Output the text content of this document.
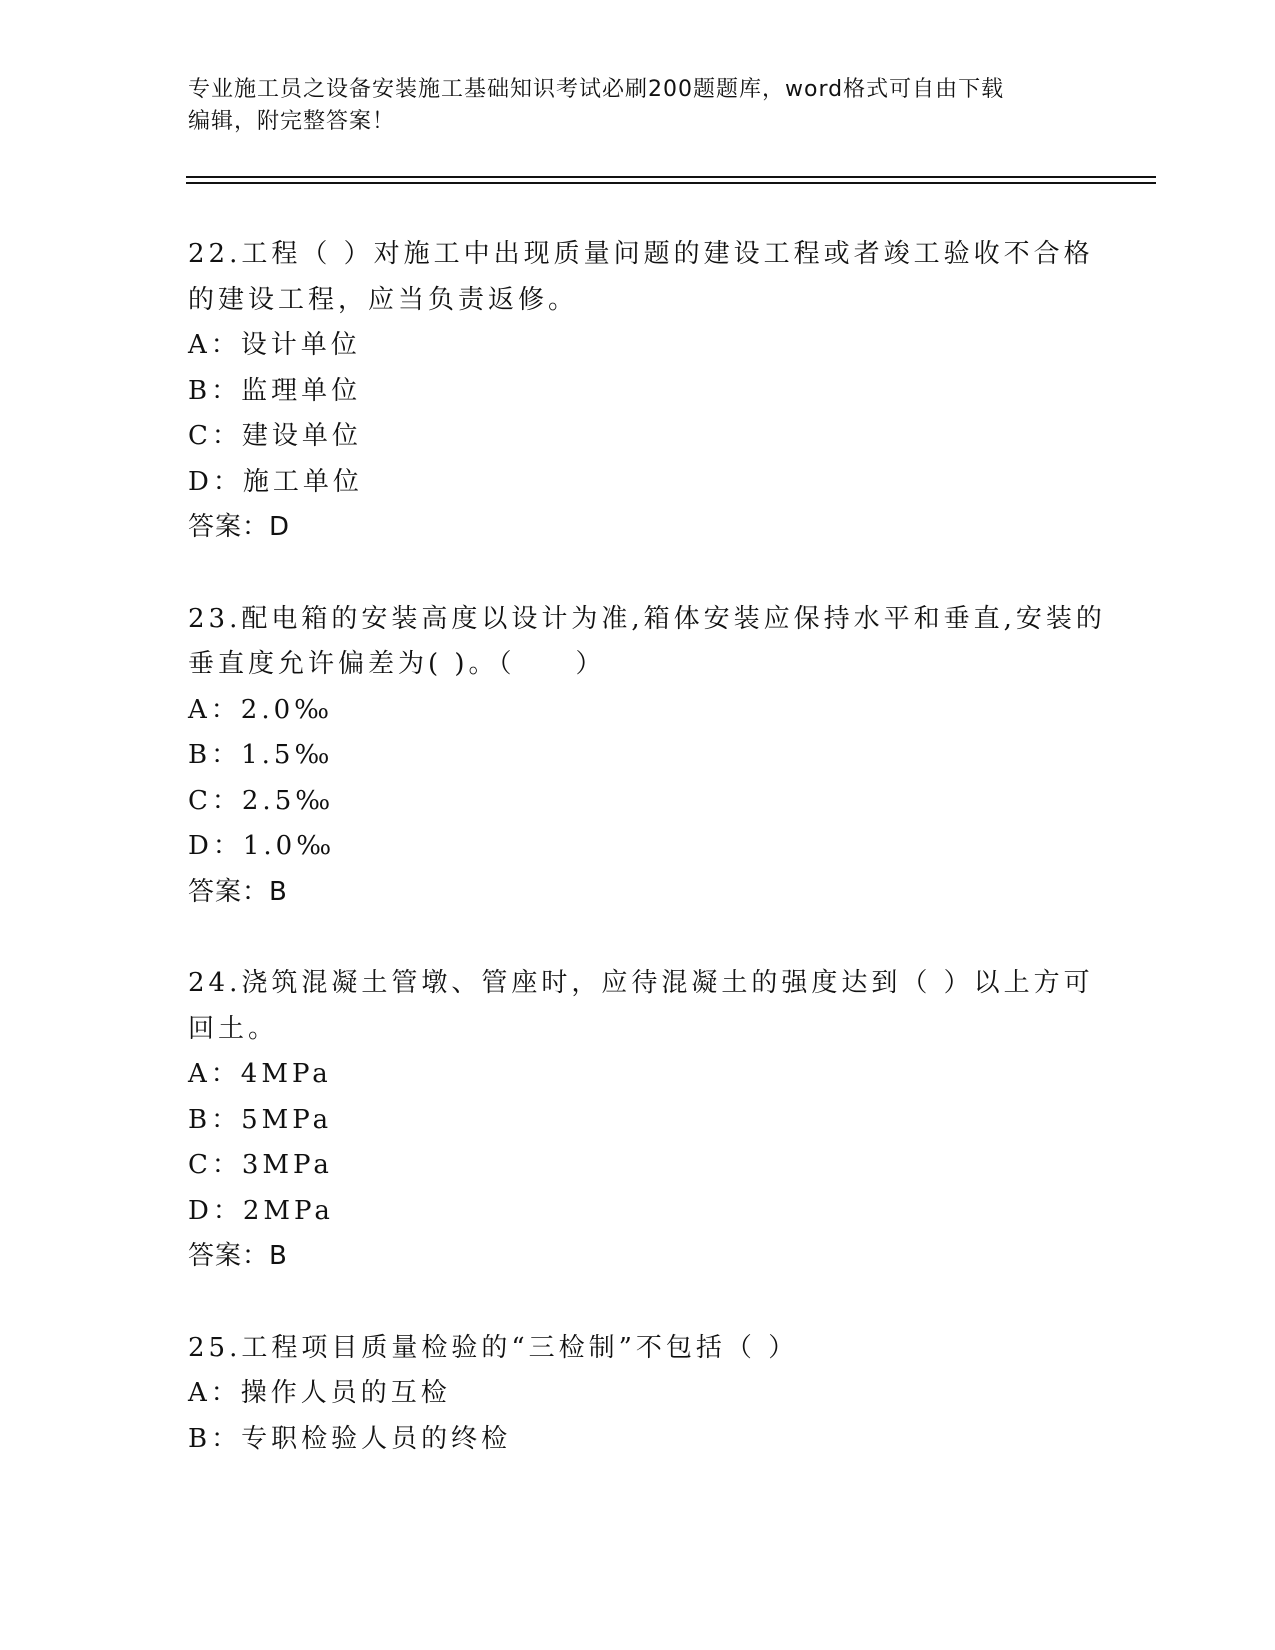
专业施工员之设备安装施工基础知识考试必刷200题题库，word格式可自由下载
编辑，附完整答案！
22.工程（ ）对施工中出现质量问题的建设工程或者竣工验收不合格
的建设工程，应当负责返修。
A：设计单位
B：监理单位
C：建设单位
D：施工单位
答案：D
23.配电箱的安装高度以设计为准,箱体安装应保持水平和垂直,安装的
垂直度允许偏差为( )。（　　）
A：2.0‰
B：1.5‰
C：2.5‰
D：1.0‰
答案：B
24.浇筑混凝土管墩、管座时，应待混凝土的强度达到（ ）以上方可
回土。
A：4MPa
B：5MPa
C：3MPa
D：2MPa
答案：B
25.工程项目质量检验的“三检制”不包括（ ）
A：操作人员的互检
B：专职检验人员的终检
